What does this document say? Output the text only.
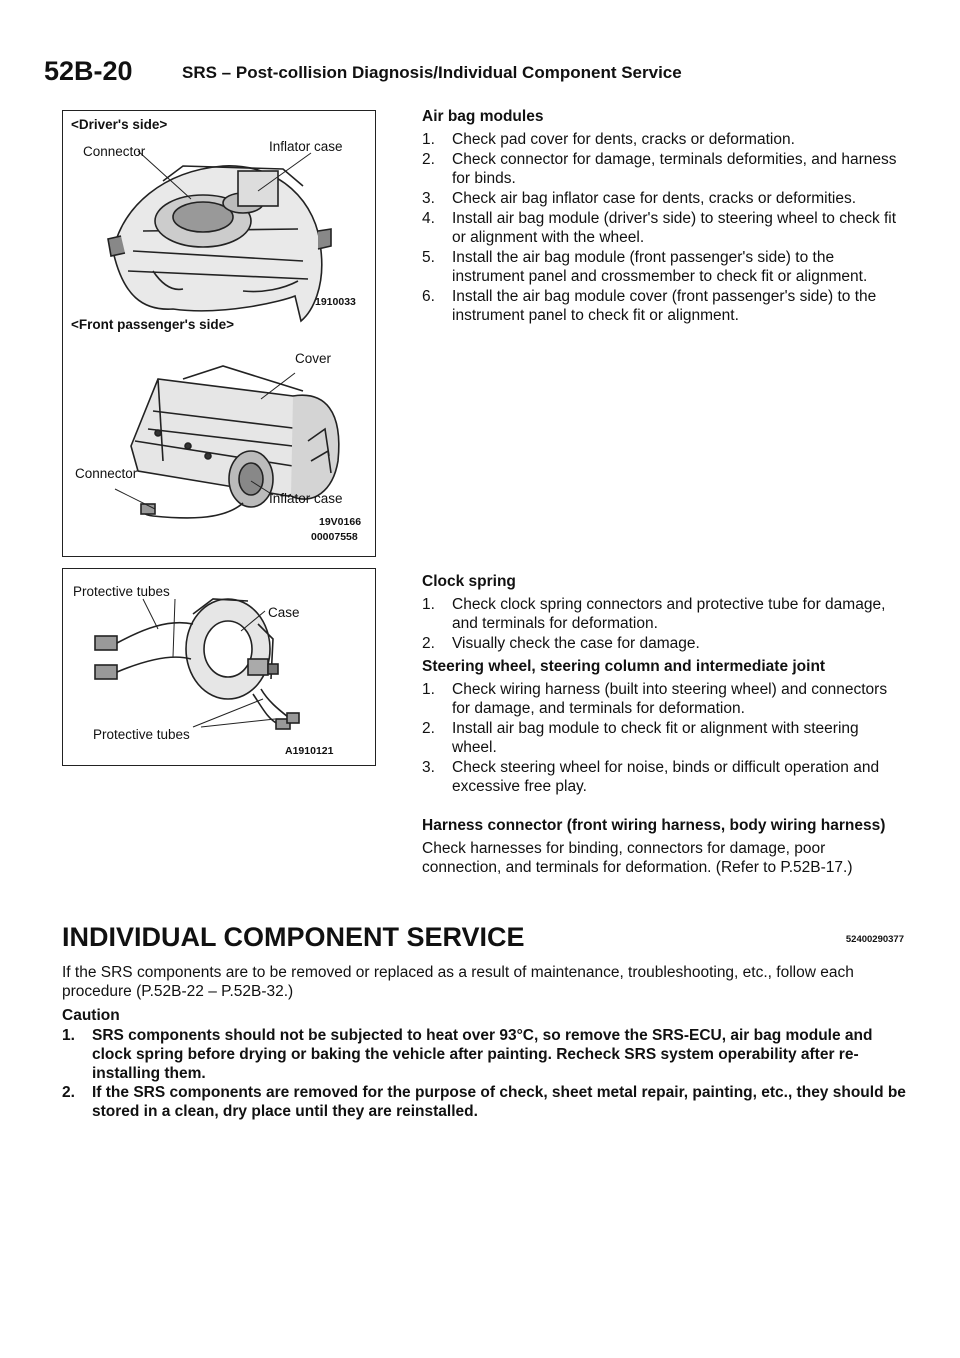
52B-20	SRS – Post-collision Diagnosis/Individual Component Service
<Driver's side>
Connector	Inflator case
1910033
<Front passenger's side>
Cover
Connector
Inflator case
19V0166
00007558
Protective tubes
Case
Protective tubes
A1910121
Air bag modules
1. Check pad cover for dents, cracks or deformation.
2. Check connector for damage, terminals deformities, and harness for binds.
3. Check air bag inflator case for dents, cracks or deformities.
4. Install air bag module (driver's side) to steering wheel to check fit or alignment with the wheel.
5. Install the air bag module (front passenger's side) to the instrument panel and crossmember to check fit or alignment.
6. Install the air bag module cover (front passenger's side) to the instrument panel to check fit or alignment.
Clock spring
1. Check clock spring connectors and protective tube for damage, and terminals for deformation.
2. Visually check the case for damage.
Steering wheel, steering column and intermediate joint
1. Check wiring harness (built into steering wheel) and connectors for damage, and terminals for deformation.
2. Install air bag module to check fit or alignment with steering wheel.
3. Check steering wheel for noise, binds or difficult operation and excessive free play.
Harness connector (front wiring harness, body wiring harness)

Check harnesses for binding, connectors for damage, poor connection, and terminals for deformation. (Refer to P.52B-17.)

INDIVIDUAL COMPONENT SERVICE	52400290377
If the SRS components are to be removed or replaced as a result of maintenance, troubleshooting, etc., follow each procedure (P.52B-22 – P.52B-32.)
Caution
1. SRS components should not be subjected to heat over 93°C, so remove the SRS-ECU, air bag module and clock spring before drying or baking the vehicle after painting. Recheck SRS system operability after re-installing them.
2. If the SRS components are removed for the purpose of check, sheet metal repair, painting, etc., they should be stored in a clean, dry place until they are reinstalled.
